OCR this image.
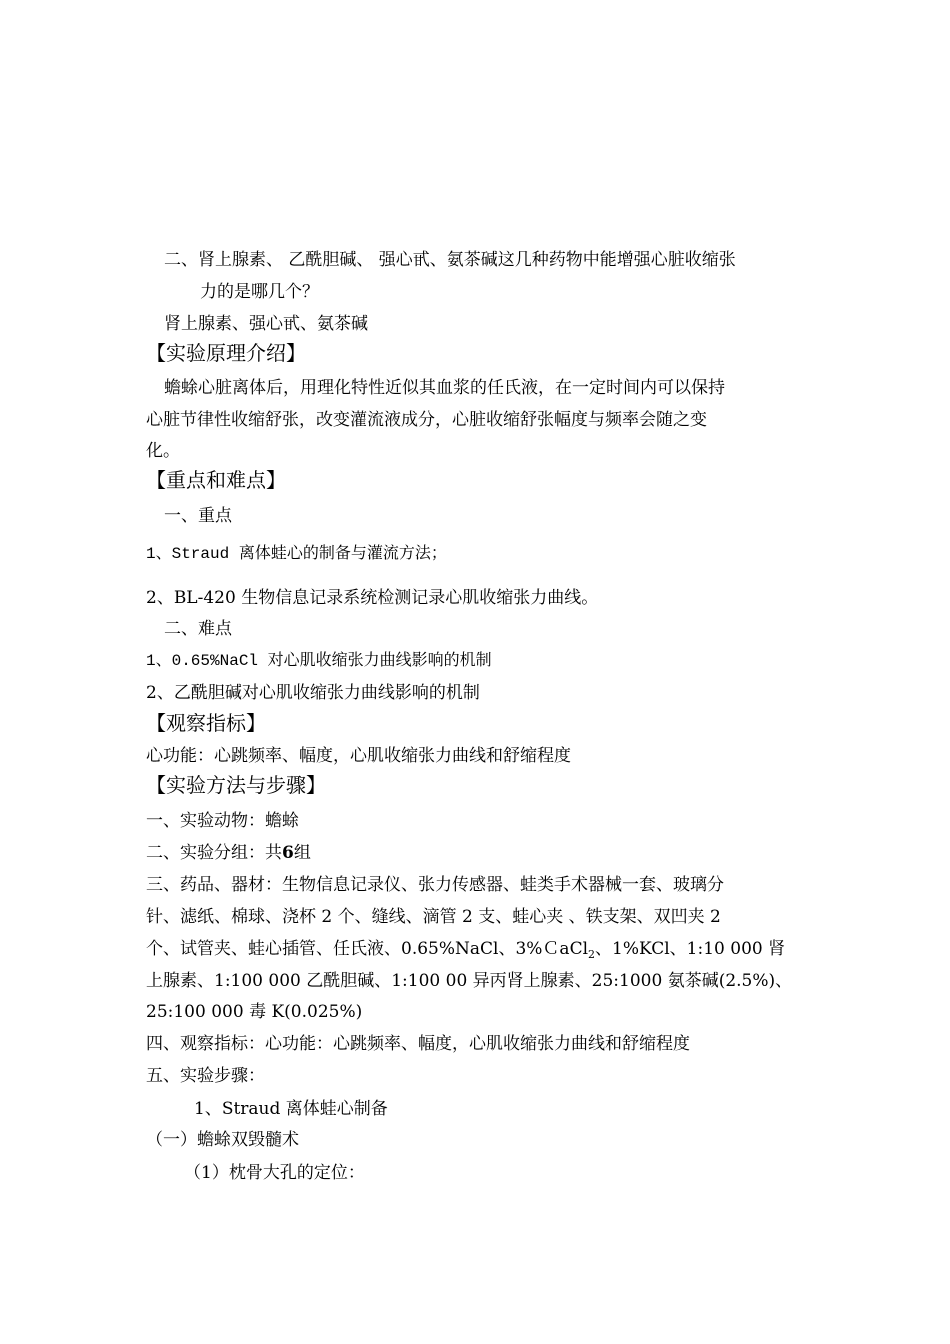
二、肾上腺素、 乙酰胆碱、 强心甙、氨茶碱这几种药物中能增强心脏收缩张
力的是哪几个？
肾上腺素、强心甙、氨茶碱
【实验原理介绍】
蟾蜍心脏离体后，用理化特性近似其血浆的任氏液，在一定时间内可以保持
心脏节律性收缩舒张，改变灌流液成分，心脏收缩舒张幅度与频率会随之变
化。
【重点和难点】
一、重点
1、Straud 离体蛙心的制备与灌流方法；
2、BL-420 生物信息记录系统检测记录心肌收缩张力曲线。
二、难点
1、0.65%NaCl 对心肌收缩张力曲线影响的机制
2、乙酰胆碱对心肌收缩张力曲线影响的机制
【观察指标】
心功能：心跳频率、幅度，心肌收缩张力曲线和舒缩程度
【实验方法与步骤】
一、实验动物：蟾蜍
二、实验分组：共6组
三、药品、器材：生物信息记录仪、张力传感器、蛙类手术器械一套、玻璃分
针、滤纸、棉球、浇杯 2 个、缝线、滴管 2 支、蛙心夹 、铁支架、双凹夹 2
个、试管夹、蛙心插管、任氏液、0.65%NaCl、3%ＣaCl$_2$、1%KCl、1:10 000 肾
上腺素、1:100 000 乙酰胆碱、1:100 00 异丙肾上腺素、25:1000 氨茶碱(2.5%)、
25:100 000 毒 K(0.025%)
四、观察指标：心功能：心跳频率、幅度，心肌收缩张力曲线和舒缩程度
五、实验步骤：
1、Straud 离体蛙心制备
（一）蟾蜍双毁髓术
（1）枕骨大孔的定位：
